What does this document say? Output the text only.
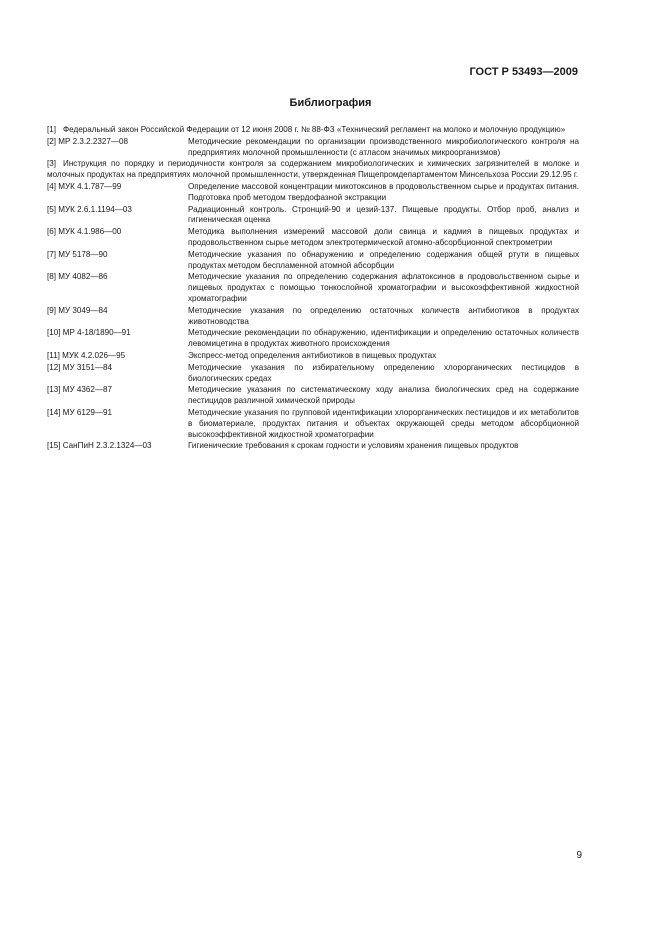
ГОСТ Р 53493—2009
Библиография
[1] Федеральный закон Российской Федерации от 12 июня 2008 г. № 88-ФЗ «Технический регламент на молоко и молочную продукцию»
[2] МР 2.3.2.2327—08	Методические рекомендации по организации производственного микробиологического контроля на предприятиях молочной промышленности (с атласом значимых микроорганизмов)
[3] Инструкция по порядку и периодичности контроля за содержанием микробиологических и химических загрязнителей в молоке и молочных продуктах на предприятиях молочной промышленности, утвержденная Пищепромдепартаментом Минсельхоза России 29.12.95 г.
[4] МУК 4.1.787—99	Определение массовой концентрации микотоксинов в продовольственном сырье и продуктах питания. Подготовка проб методом твердофазной экстракции
[5] МУК 2.6.1.1194—03	Радиационный контроль. Стронций-90 и цезий-137. Пищевые продукты. Отбор проб, анализ и гигиеническая оценка
[6] МУК 4.1.986—00	Методика выполнения измерений массовой доли свинца и кадмия в пищевых продуктах и продовольственном сырье методом электротермической атомно-абсорбционной спектрометрии
[7] МУ 5178—90	Методические указания по обнаружению и определению содержания общей ртути в пищевых продуктах методом беспламенной атомной абсорбции
[8] МУ 4082—86	Методические указания по определению содержания афлатоксинов в продовольственном сырье и пищевых продуктах с помощью тонкослойной хроматографии и высокоэффективной жидкостной хроматографии
[9] МУ 3049—84	Методические указания по определению остаточных количеств антибиотиков в продуктах животноводства
[10] МР 4-18/1890—91	Методические рекомендации по обнаружению, идентификации и определению остаточных количеств левомицетина в продуктах животного происхождения
[11] МУК 4.2.026—95	Экспресс-метод определения антибиотиков в пищевых продуктах
[12] МУ 3151—84	Методические указания по избирательному определению хлорорганических пестицидов в биологических средах
[13] МУ 4362—87	Методические указания по систематическому ходу анализа биологических сред на содержание пестицидов различной химической природы
[14] МУ 6129—91	Методические указания по групповой идентификации хлорорганических пестицидов и их метаболитов в биоматериале, продуктах питания и объектах окружающей среды методом абсорбционной высокоэффективной жидкостной хроматографии
[15] СанПиН 2.3.2.1324—03	Гигиенические требования к срокам годности и условиям хранения пищевых продуктов
9
